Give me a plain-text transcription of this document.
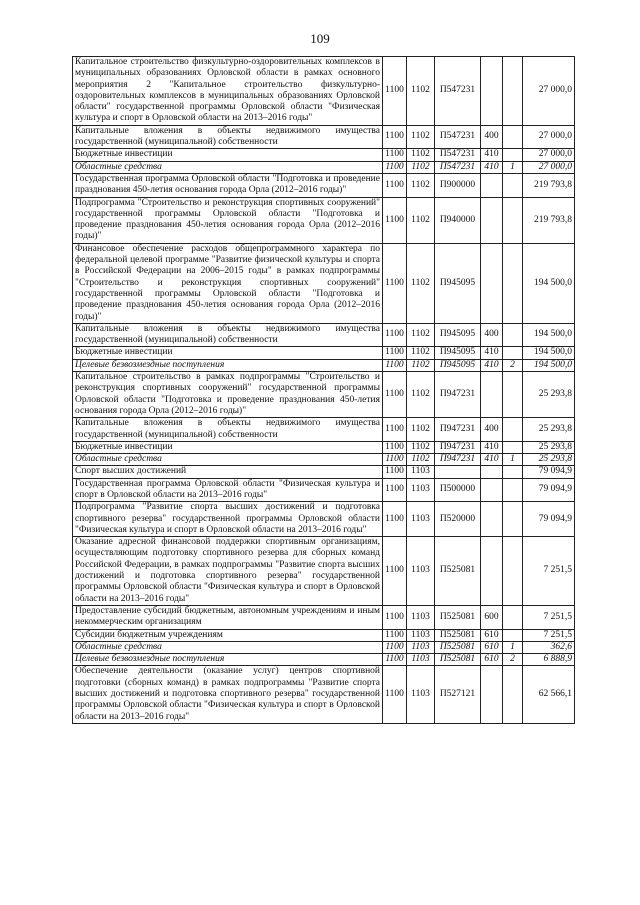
109
Капитальное строительство физкультурно-оздоровительных комплексов в муниципальных образованиях Орловской области в рамках основного мероприятия 2 "Капитальное строительство физкультурно-оздоровительных комплексов в муниципальных образованиях Орловской области" государственной программы Орловской области "Физическая культура и спорт в Орловской области на 2013–2016 годы"	1100	1102	П547231			27 000,0
Капитальные вложения в объекты недвижимого имущества государственной (муниципальной) собственности	1100	1102	П547231	400		27 000,0
Бюджетные инвестиции	1100	1102	П547231	410		27 000,0
Областные средства	1100	1102	П547231	410	1	27 000,0
Государственная программа Орловской области "Подготовка и проведение празднования 450-летия основания города Орла (2012–2016 годы)"	1100	1102	П900000			219 793,8
Подпрограмма "Строительство и реконструкция спортивных сооружений" государственной программы Орловской области "Подготовка и проведение празднования 450-летия основания города Орла (2012–2016 годы)"	1100	1102	П940000			219 793,8
Финансовое обеспечение расходов общепрограммного характера по федеральной целевой программе "Развитие физической культуры и спорта в Российской Федерации на 2006–2015 годы" в рамках подпрограммы "Строительство и реконструкция спортивных сооружений" государственной программы Орловской области "Подготовка и проведение празднования 450-летия основания города Орла (2012–2016 годы)"	1100	1102	П945095			194 500,0
Капитальные вложения в объекты недвижимого имущества государственной (муниципальной) собственности	1100	1102	П945095	400		194 500,0
Бюджетные инвестиции	1100	1102	П945095	410		194 500,0
Целевые безвозмездные поступления	1100	1102	П945095	410	2	194 500,0
Капитальное строительство в рамках подпрограммы "Строительство и реконструкция спортивных сооружений" государственной программы Орловской области "Подготовка и проведение празднования 450-летия основания города Орла (2012–2016 годы)"	1100	1102	П947231			25 293,8
Капитальные вложения в объекты недвижимого имущества государственной (муниципальной) собственности	1100	1102	П947231	400		25 293,8
Бюджетные инвестиции	1100	1102	П947231	410		25 293,8
Областные средства	1100	1102	П947231	410	1	25 293,8
Спорт высших достижений	1100	1103				79 094,9
Государственная программа Орловской области "Физическая культура и спорт в Орловской области на 2013–2016 годы"	1100	1103	П500000			79 094,9
Подпрограмма "Развитие спорта высших достижений и подготовка спортивного резерва" государственной программы Орловской области "Физическая культура и спорт в Орловской области на 2013–2016 годы"	1100	1103	П520000			79 094,9
Оказание адресной финансовой поддержки спортивным организациям, осуществляющим подготовку спортивного резерва для сборных команд Российской Федерации, в рамках подпрограммы "Развитие спорта высших достижений и подготовка спортивного резерва" государственной программы Орловской области "Физическая культура и спорт в Орловской области на 2013–2016 годы"	1100	1103	П525081			7 251,5
Предоставление субсидий бюджетным, автономным учреждениям и иным некоммерческим организациям	1100	1103	П525081	600		7 251,5
Субсидии бюджетным учреждениям	1100	1103	П525081	610		7 251,5
Областные средства	1100	1103	П525081	610	1	362,6
Целевые безвозмездные поступления	1100	1103	П525081	610	2	6 888,9
Обеспечение деятельности (оказание услуг) центров спортивной подготовки (сборных команд) в рамках подпрограммы "Развитие спорта высших достижений и подготовка спортивного резерва" государственной программы Орловской области "Физическая культура и спорт в Орловской области на 2013–2016 годы"	1100	1103	П527121			62 566,1
